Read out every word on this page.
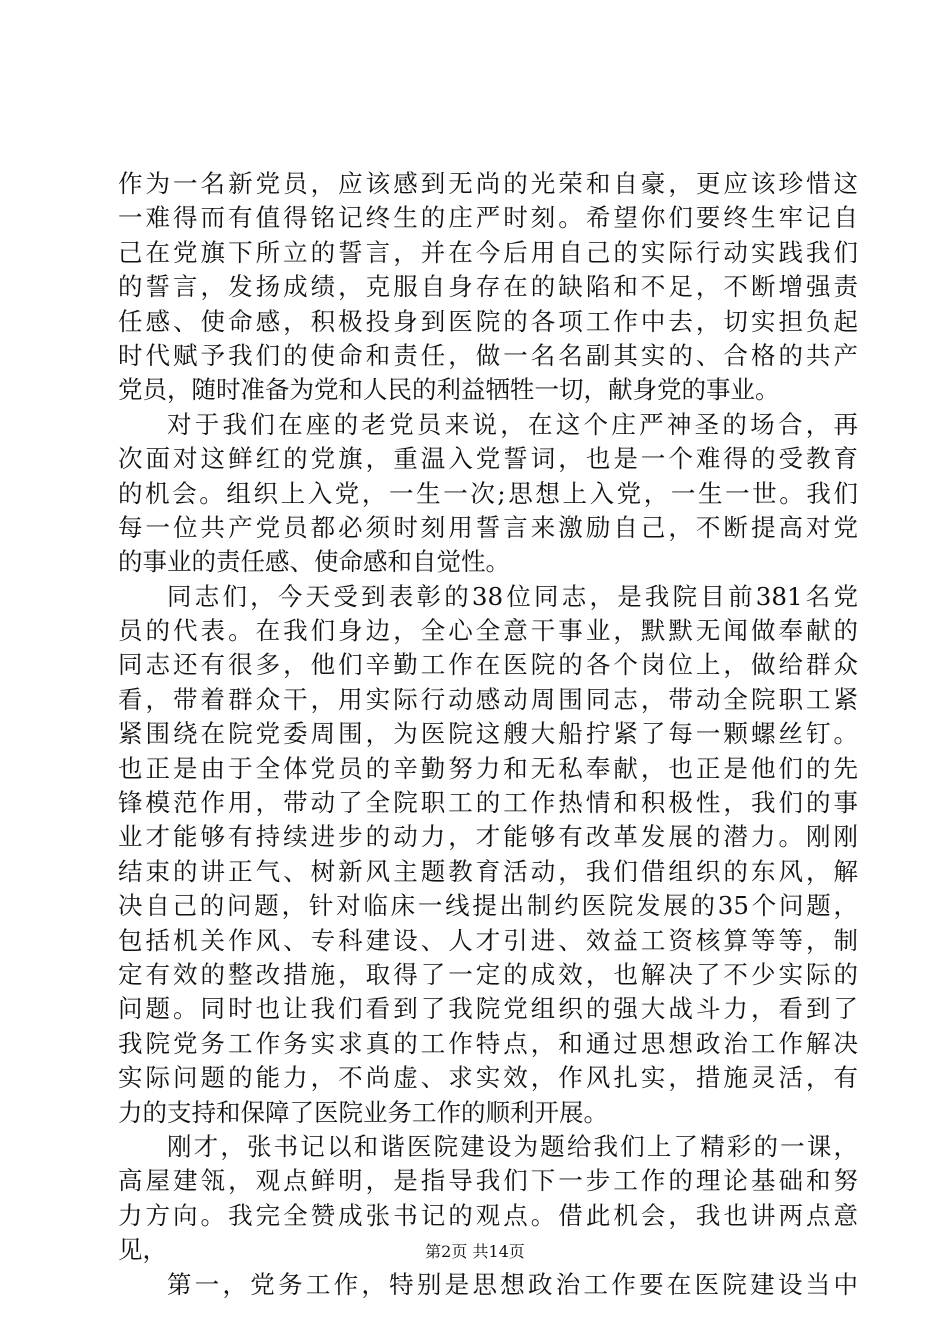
作为一名新党员，应该感到无尚的光荣和自豪，更应该珍惜这
一难得而有值得铭记终生的庄严时刻。希望你们要终生牢记自
己在党旗下所立的誓言，并在今后用自己的实际行动实践我们
的誓言，发扬成绩，克服自身存在的缺陷和不足，不断增强责
任感、使命感，积极投身到医院的各项工作中去，切实担负起
时代赋予我们的使命和责任，做一名名副其实的、合格的共产
党员，随时准备为党和人民的利益牺牲一切，献身党的事业。
对于我们在座的老党员来说，在这个庄严神圣的场合，再
次面对这鲜红的党旗，重温入党誓词，也是一个难得的受教育
的机会。组织上入党，一生一次;思想上入党，一生一世。我们
每一位共产党员都必须时刻用誓言来激励自己，不断提高对党
的事业的责任感、使命感和自觉性。
同志们，今天受到表彰的38位同志，是我院目前381名党
员的代表。在我们身边，全心全意干事业，默默无闻做奉献的
同志还有很多，他们辛勤工作在医院的各个岗位上，做给群众
看，带着群众干，用实际行动感动周围同志，带动全院职工紧
紧围绕在院党委周围，为医院这艘大船拧紧了每一颗螺丝钉。
也正是由于全体党员的辛勤努力和无私奉献，也正是他们的先
锋模范作用，带动了全院职工的工作热情和积极性，我们的事
业才能够有持续进步的动力，才能够有改革发展的潜力。刚刚
结束的讲正气、树新风主题教育活动，我们借组织的东风，解
决自己的问题，针对临床一线提出制约医院发展的35个问题，
包括机关作风、专科建设、人才引进、效益工资核算等等，制
定有效的整改措施，取得了一定的成效，也解决了不少实际的
问题。同时也让我们看到了我院党组织的强大战斗力，看到了
我院党务工作务实求真的工作特点，和通过思想政治工作解决
实际问题的能力，不尚虚、求实效，作风扎实，措施灵活，有
力的支持和保障了医院业务工作的顺利开展。
刚才，张书记以和谐医院建设为题给我们上了精彩的一课，
高屋建瓴，观点鲜明，是指导我们下一步工作的理论基础和努
力方向。我完全赞成张书记的观点。借此机会，我也讲两点意
见，
第一，党务工作，特别是思想政治工作要在医院建设当中
第2页 共14页
